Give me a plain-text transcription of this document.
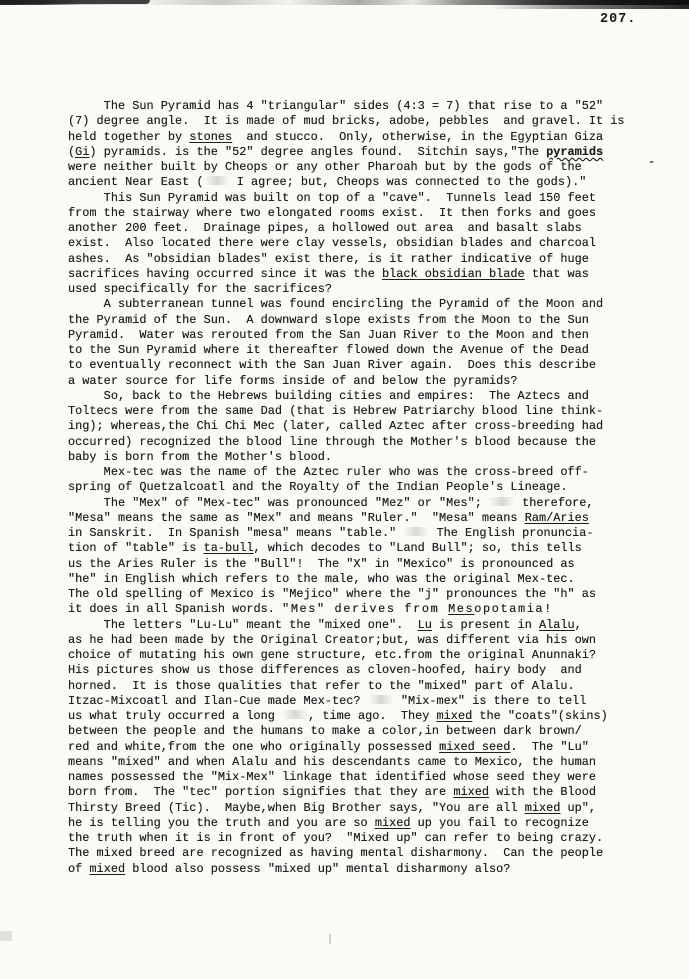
207.
The Sun Pyramid has 4 "triangular" sides (4:3 = 7) that rise to a "52"
(7) degree angle.  It is made of mud bricks, adobe, pebbles  and gravel. It is
held together by stones  and stucco.  Only, otherwise, in the Egyptian Giza
(Gi) pyramids. is the "52" degree angles found.  Sitchin says,"The pyramids
were neither built by Cheops or any other Pharoah but by the gods of the
ancient Near East ( I agree; but, Cheops was connected to the gods)."
This Sun Pyramid was built on top of a "cave".  Tunnels lead 150 feet
from the stairway where two elongated rooms exist.  It then forks and goes
another 200 feet.  Drainage pipes, a hollowed out area  and basalt slabs
exist.  Also located there were clay vessels, obsidian blades and charcoal
ashes.  As "obsidian blades" exist there, is it rather indicative of huge
sacrifices having occurred since it was the black obsidian blade that was
used specifically for the sacrifices?
A subterranean tunnel was found encircling the Pyramid of the Moon and
the Pyramid of the Sun.  A downward slope exists from the Moon to the Sun
Pyramid.  Water was rerouted from the San Juan River to the Moon and then
to the Sun Pyramid where it thereafter flowed down the Avenue of the Dead
to eventually reconnect with the San Juan River again.  Does this describe
a water source for life forms inside of and below the pyramids?
So, back to the Hebrews building cities and empires:  The Aztecs and
Toltecs were from the same Dad (that is Hebrew Patriarchy blood line think-
ing); whereas,the Chi Chi Mec (later, called Aztec after cross-breeding had
occurred) recognized the blood line through the Mother's blood because the
baby is born from the Mother's blood.
Mex-tec was the name of the Aztec ruler who was the cross-breed off-
spring of Quetzalcoatl and the Royalty of the Indian People's Lineage.
The "Mex" of "Mex-tec" was pronounced "Mez" or "Mes";  therefore,
"Mesa" means the same as "Mex" and means "Ruler."  "Mesa" means Ram/Aries
in Sanskrit.  In Spanish "mesa" means "table."  The English pronuncia-
tion of "table" is ta-bull, which decodes to "Land Bull"; so, this tells
us the Aries Ruler is the "Bull"!  The "X" in "Mexico" is pronounced as
"he" in English which refers to the male, who was the original Mex-tec.
The old spelling of Mexico is "Mejico" where the "j" pronounces the "h" as
it does in all Spanish words. "Mes" derives from Mesopotamia!
The letters "Lu-Lu" meant the "mixed one".  Lu is present in Alalu,
as he had been made by the Original Creator;but, was different via his own
choice of mutating his own gene structure, etc.from the original Anunnaki?
His pictures show us those differences as cloven-hoofed, hairy body  and
horned.  It is those qualities that refer to the "mixed" part of Alalu.
Itzac-Mixcoatl and Ilan-Cue made Mex-tec?  "Mix-mex" is there to tell
us what truly occurred a long , time ago.  They mixed the "coats"(skins)
between the people and the humans to make a color,in between dark brown/
red and white,from the one who originally possessed mixed seed.  The "Lu"
means "mixed" and when Alalu and his descendants came to Mexico, the human
names possessed the "Mix-Mex" linkage that identified whose seed they were
born from.  The "tec" portion signifies that they are mixed with the Blood
Thirsty Breed (Tic).  Maybe,when Big Brother says, "You are all mixed up",
he is telling you the truth and you are so mixed up you fail to recognize
the truth when it is in front of you?  "Mixed up" can refer to being crazy.
The mixed breed are recognized as having mental disharmony.  Can the people
of mixed blood also possess "mixed up" mental disharmony also?
-
